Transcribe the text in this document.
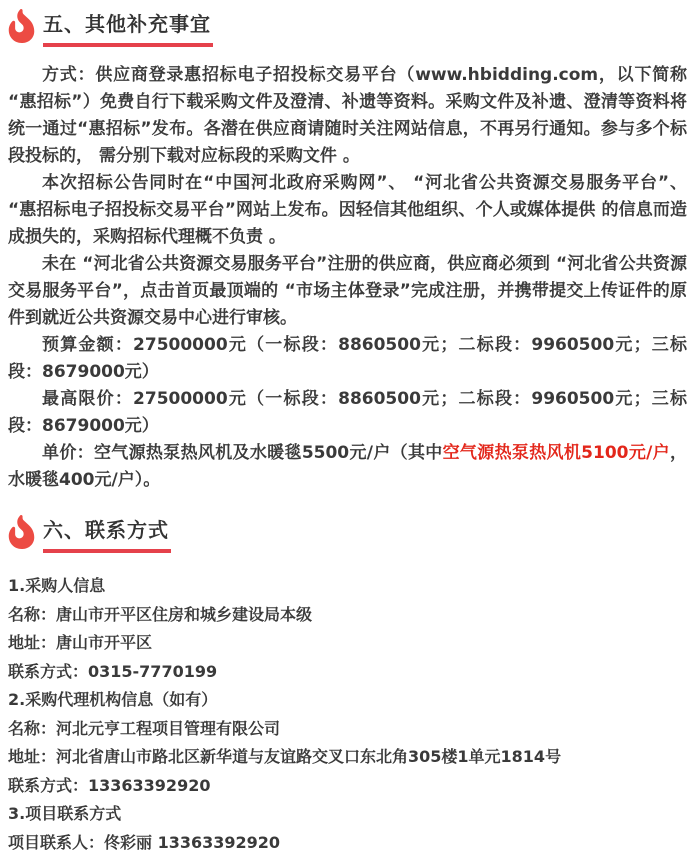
五、其他补充事宜

方式：供应商登录惠招标电子招投标交易平台（www.hbidding.com，以下简称“惠招标”）免费自行下载采购文件及澄清、补遗等资料。采购文件及补遗、澄清等资料将统一通过“惠招标”发布。各潜在供应商请随时关注网站信息，不再另行通知。参与多个标段投标的， 需分别下载对应标段的采购文件 。

本次招标公告同时在“中国河北政府采购网”、 “河北省公共资源交易服务平台”、 “惠招标电子招投标交易平台”网站上发布。因轻信其他组织、个人或媒体提供 的信息而造成损失的，采购招标代理概不负责 。

未在 “河北省公共资源交易服务平台”注册的供应商，供应商必须到 “河北省公共资源交易服务平台”，点击首页最顶端的 “市场主体登录”完成注册，并携带提交上传证件的原件到就近公共资源交易中心进行审核。

预算金额：27500000元（一标段：8860500元；二标段：9960500元；三标段：8679000元）

最高限价：27500000元（一标段：8860500元；二标段：9960500元；三标段：8679000元）

单价：空气源热泵热风机及水暖毯5500元/户（其中空气源热泵热风机5100元/户，水暖毯400元/户）。

六、联系方式
1.采购人信息
名称：唐山市开平区住房和城乡建设局本级
地址：唐山市开平区
联系方式：0315-7770199
2.采购代理机构信息（如有）
名称：河北元亨工程项目管理有限公司
地址：河北省唐山市路北区新华道与友谊路交叉口东北角305楼1单元1814号
联系方式：13363392920
3.项目联系方式
项目联系人：佟彩丽 13363392920
